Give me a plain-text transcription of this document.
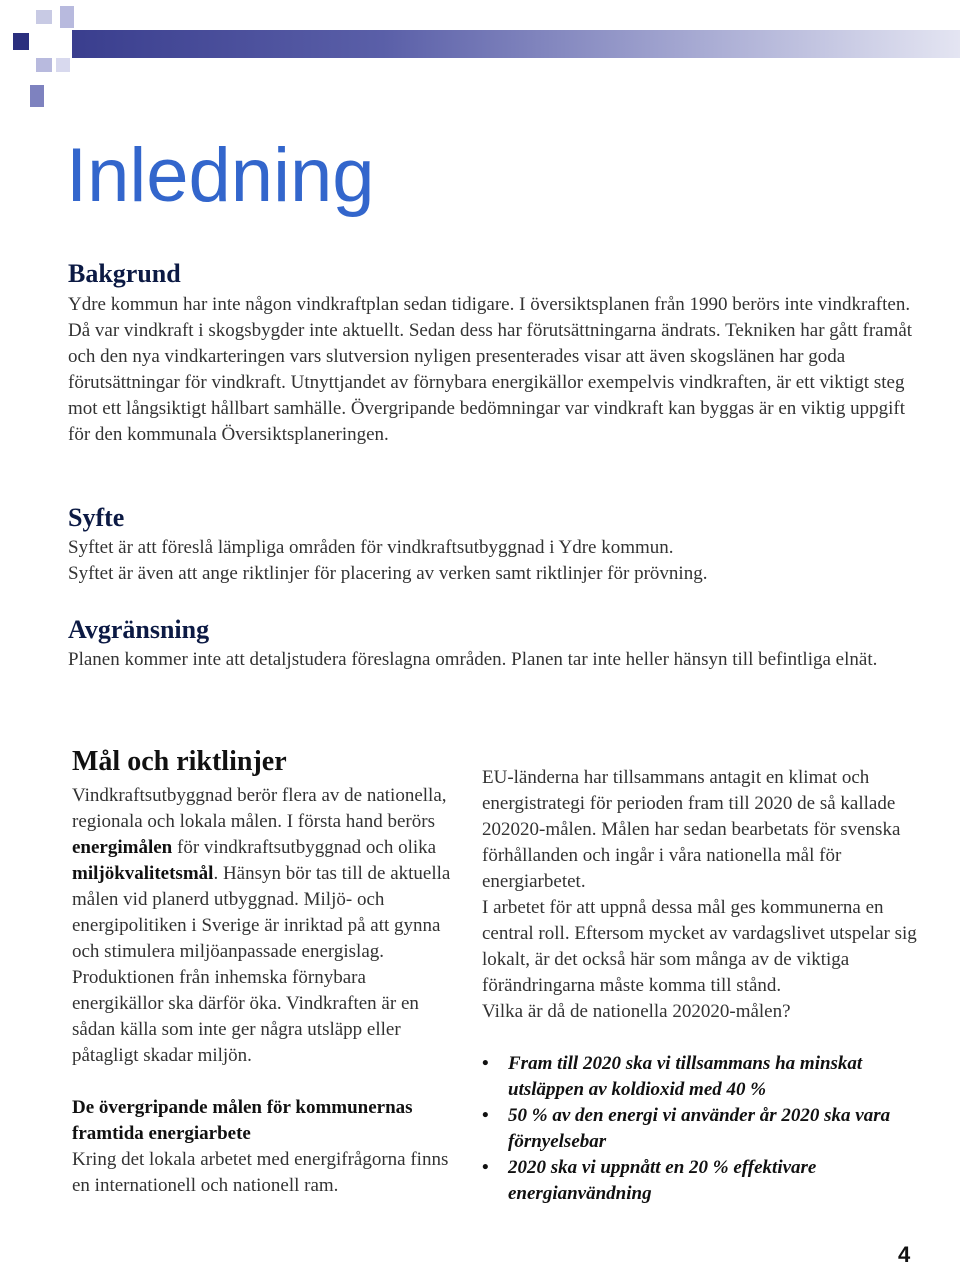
Inledning
Bakgrund

Ydre kommun har inte någon vindkraftplan sedan tidigare. I översiktsplanen från 1990 berörs inte vindkraften. Då var vindkraft i skogsbygder inte aktuellt. Sedan dess har förutsättningarna ändrats. Tekniken har gått framåt och den nya vindkarteringen vars slutversion nyligen presenterades visar att även skogslänen har goda förutsättningar för vindkraft. Utnyttjandet av förnybara energikällor exempelvis vindkraften, är ett viktigt steg mot ett långsiktigt hållbart samhälle. Övergripande bedömningar var vindkraft kan byggas är en viktig uppgift för den kommunala Översiktsplaneringen.

Syfte

Syftet är att föreslå lämpliga områden för vindkraftsutbyggnad i Ydre kommun.

Syftet är även att ange riktlinjer för placering av verken samt riktlinjer för prövning.

Avgränsning

Planen kommer inte att detaljstudera föreslagna områden. Planen tar inte heller hänsyn till befintliga elnät.

Mål och riktlinjer
Vindkraftsutbyggnad berör flera av de nationella, regionala och lokala målen. I första hand berörs energimålen för vindkraftsutbyggnad och olika miljökvalitetsmål. Hänsyn bör tas till de aktuella målen vid planerd utbyggnad. Miljö- och energipolitiken i Sverige är inriktad på att gynna och stimulera miljöanpassade energislag. Produktionen från inhemska förnybara energikällor ska därför öka. Vindkraften är en sådan källa som inte ger några utsläpp eller påtagligt skadar miljön.
De övergripande målen för kommunernas framtida energiarbete
Kring det lokala arbetet med energifrågorna finns en internationell och nationell ram.

EU-länderna har tillsammans antagit en klimat och energistrategi för perioden fram till 2020 de så kallade 202020-målen. Målen har sedan bearbetats för svenska förhållanden och ingår i våra nationella mål för energiarbetet.

I arbetet för att uppnå dessa mål ges kommunerna en central roll. Eftersom mycket av vardagslivet utspelar sig lokalt, är det också här som många av de viktiga förändringarna måste komma till stånd.

Vilka är då de nationella 202020-målen?

• Fram till 2020 ska vi tillsammans ha minskat utsläppen av koldioxid med 40 %
• 50 % av den energi vi använder år 2020 ska vara förnyelsebar
• 2020 ska vi uppnått en 20 % effektivare energianvändning
4
